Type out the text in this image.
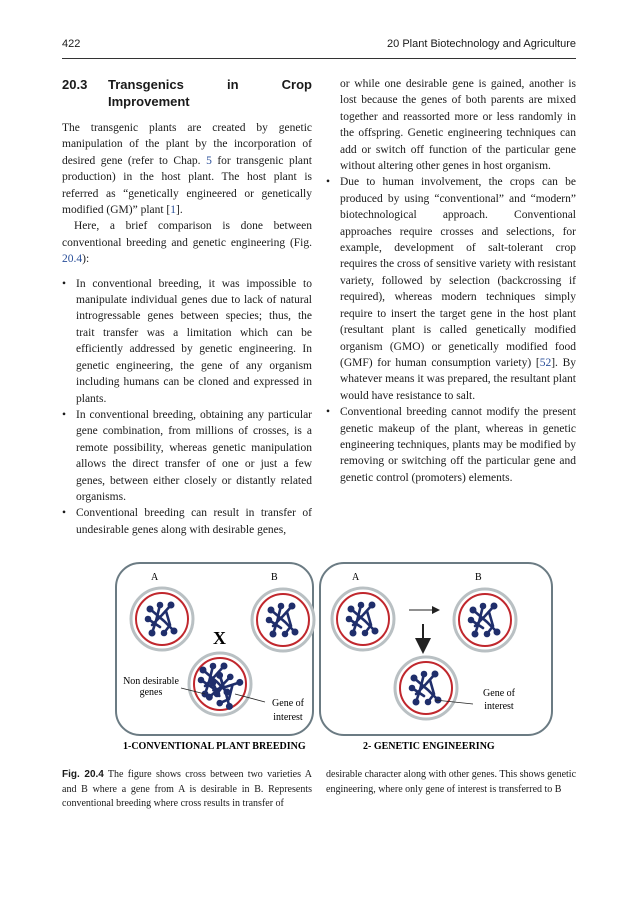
422	20 Plant Biotechnology and Agriculture
20.3	Transgenics in Crop Improvement

The transgenic plants are created by genetic manipulation of the plant by the incorporation of desired gene (refer to Chap. 5 for transgenic plant production) in the host plant. The host plant is referred as “genetically engineered or genetically modified (GM)” plant [1].

Here, a brief comparison is done between conventional breeding and genetic engineering (Fig. 20.4):

• In conventional breeding, it was impossible to manipulate individual genes due to lack of natural introgressable genes between species; thus, the trait transfer was a limitation which can be efficiently addressed by genetic engineering. In genetic engineering, the gene of any organism including humans can be cloned and expressed in plants.
• In conventional breeding, obtaining any particular gene combination, from millions of crosses, is a remote possibility, whereas genetic manipulation allows the direct transfer of one or just a few genes, between either closely or distantly related organisms.
• Conventional breeding can result in transfer of undesirable genes along with desirable genes,
or while one desirable gene is gained, another is lost because the genes of both parents are mixed together and reassorted more or less randomly in the offspring. Genetic engineering techniques can add or switch off function of the particular gene without altering other genes in host organism.
• Due to human involvement, the crops can be produced by using “conventional” and “modern” biotechnological approach. Conventional approaches require crosses and selections, for example, development of salt-tolerant crop requires the cross of sensitive variety with resistant variety, followed by selection (backcrossing if required), whereas modern techniques simply require to insert the target gene in the host plant (resultant plant is called genetically modified organism (GMO) or genetically modified food (GMF) for human consumption variety) [52]. By whatever means it was prepared, the resultant plant would have resistance to salt.
• Conventional breeding cannot modify the present genetic makeup of the plant, whereas in genetic engineering techniques, plants may be modified by removing or switching off the particular gene and genetic control (promoters) elements.
A	B
X
Non desirable
genes
Gene of
interest
A	B
Gene of
interest
1-CONVENTIONAL PLANT BREEDING	2- GENETIC ENGINEERING
Fig. 20.4 The figure shows cross between two varieties A and B where a gene from A is desirable in B. Represents conventional breeding where cross results in transfer of
desirable character along with other genes. This shows genetic engineering, where only gene of interest is transferred to B
